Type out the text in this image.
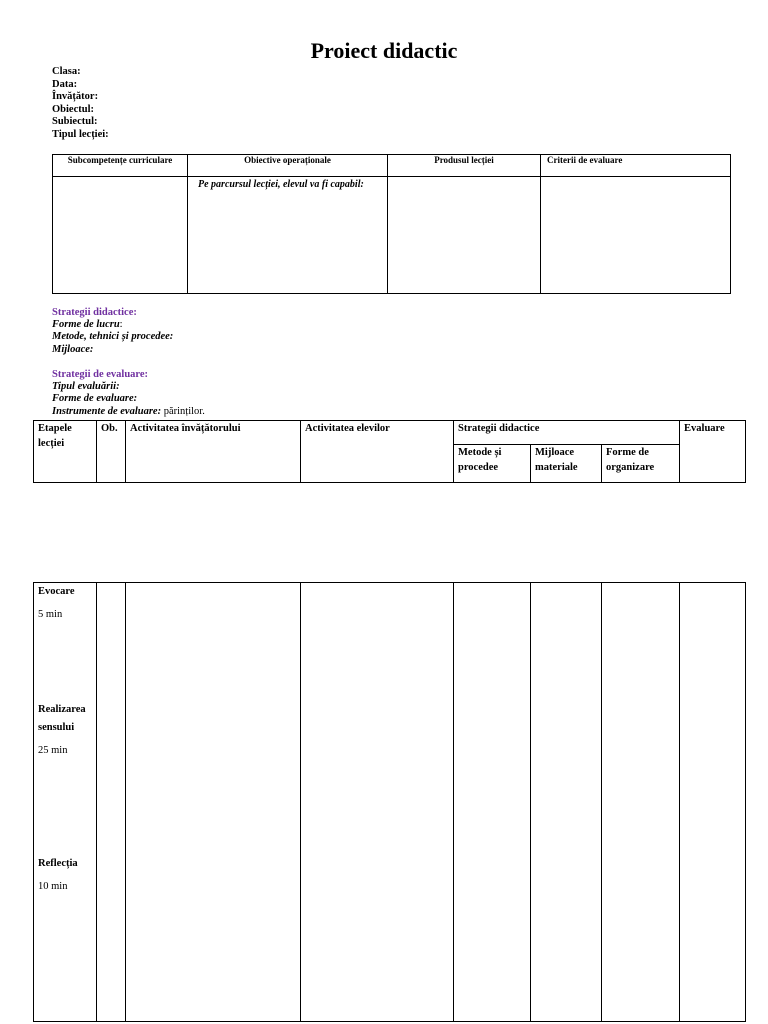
Proiect didactic
Clasa:
Data:
Învățător:
Obiectul:
Subiectul:
Tipul lecției:
Subcompetențe curriculare	Obiective operaționale	Produsul lecției	Criterii de evaluare

	Pe parcursul lecției, elevul va fi capabil:		

Strategii didactice:
Forme de lucru:
Metode, tehnici și procedee:
Mijloace:
Strategii de evaluare:
Tipul evaluării:
Forme de evaluare:
Instrumente de evaluare: părinților.
Etapele lecției	Ob.	Activitatea învățătorului	Activitatea elevilor	Strategii didactice			Evaluare
				Metode și procedee	Mijloace materiale	Forme de organizare	
Evocare
5 min
Realizarea sensului
25 min
Reflecția
10 min
